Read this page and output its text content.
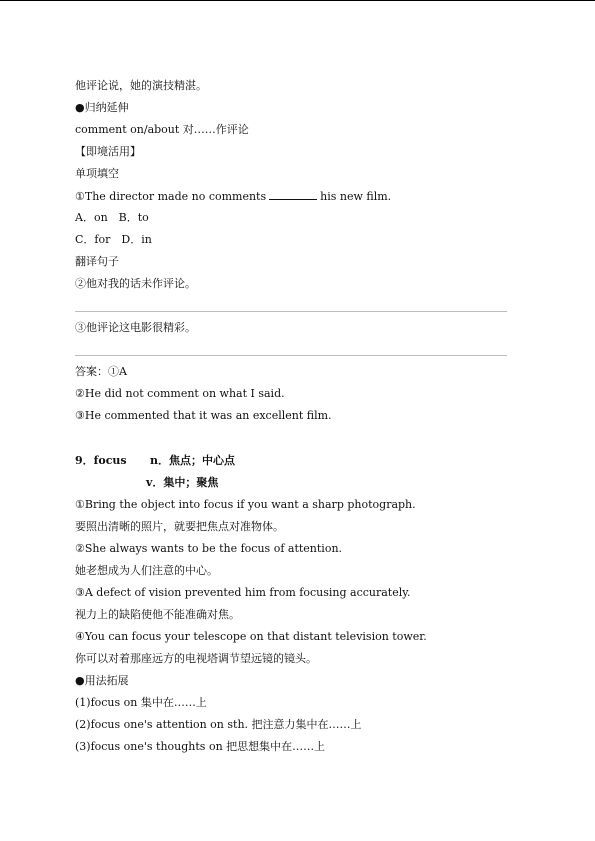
他评论说，她的演技精湛。
●归纳延伸
comment on/about 对……作评论
【即境活用】
单项填空
①The director made no comments	his new film.
A．on　B．to
C．for　D．in
翻译句子
②他对我的话未作评论。
③他评论这电影很精彩。
答案：①A
②He did not comment on what I said.
③He commented that it was an excellent film.
9．focus n．焦点；中心点
v．集中；聚焦
①Bring the object into focus if you want a sharp photograph.
要照出清晰的照片，就要把焦点对准物体。
②She always wants to be the focus of attention.
她老想成为人们注意的中心。
③A defect of vision prevented him from focusing accurately.
视力上的缺陷使他不能准确对焦。
④You can focus your telescope on that distant television tower.
你可以对着那座远方的电视塔调节望远镜的镜头。
●用法拓展
(1)focus on 集中在……上
(2)focus one's attention on sth. 把注意力集中在……上
(3)focus one's thoughts on 把思想集中在……上
